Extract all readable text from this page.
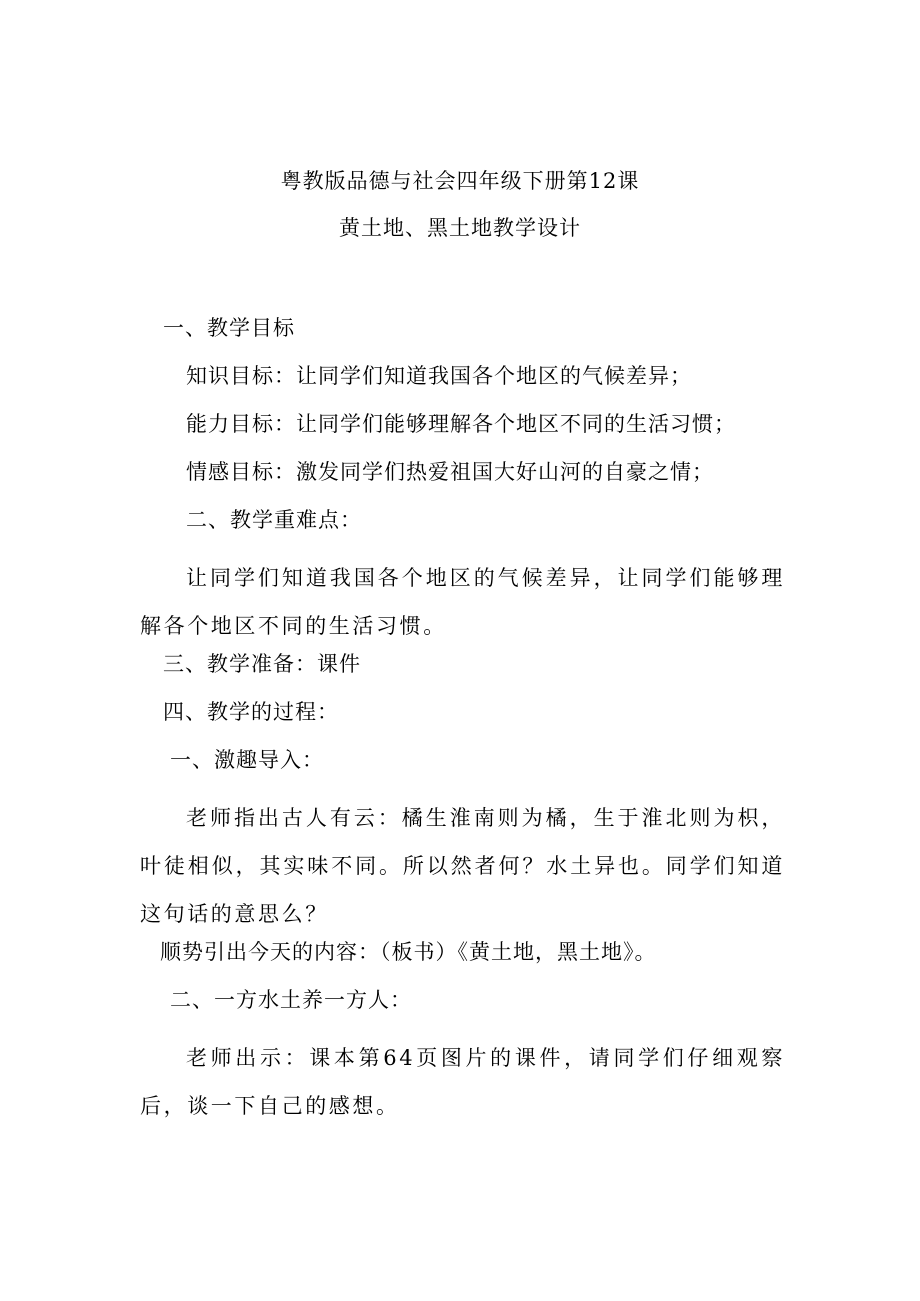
粤教版品德与社会四年级下册第12课
黄土地、黑土地教学设计
一、教学目标
知识目标：让同学们知道我国各个地区的气候差异；
能力目标：让同学们能够理解各个地区不同的生活习惯；
情感目标：激发同学们热爱祖国大好山河的自豪之情；
二、教学重难点：
让同学们知道我国各个地区的气候差异，让同学们能够理解各个地区不同的生活习惯。
三、教学准备：课件
四、教学的过程：
一、激趣导入：
老师指出古人有云：橘生淮南则为橘，生于淮北则为枳，叶徒相似，其实味不同。所以然者何？水土异也。同学们知道这句话的意思么？
顺势引出今天的内容：（板书）《黄土地，黑土地》。
二、一方水土养一方人：
老师出示：课本第64页图片的课件，请同学们仔细观察后，谈一下自己的感想。
